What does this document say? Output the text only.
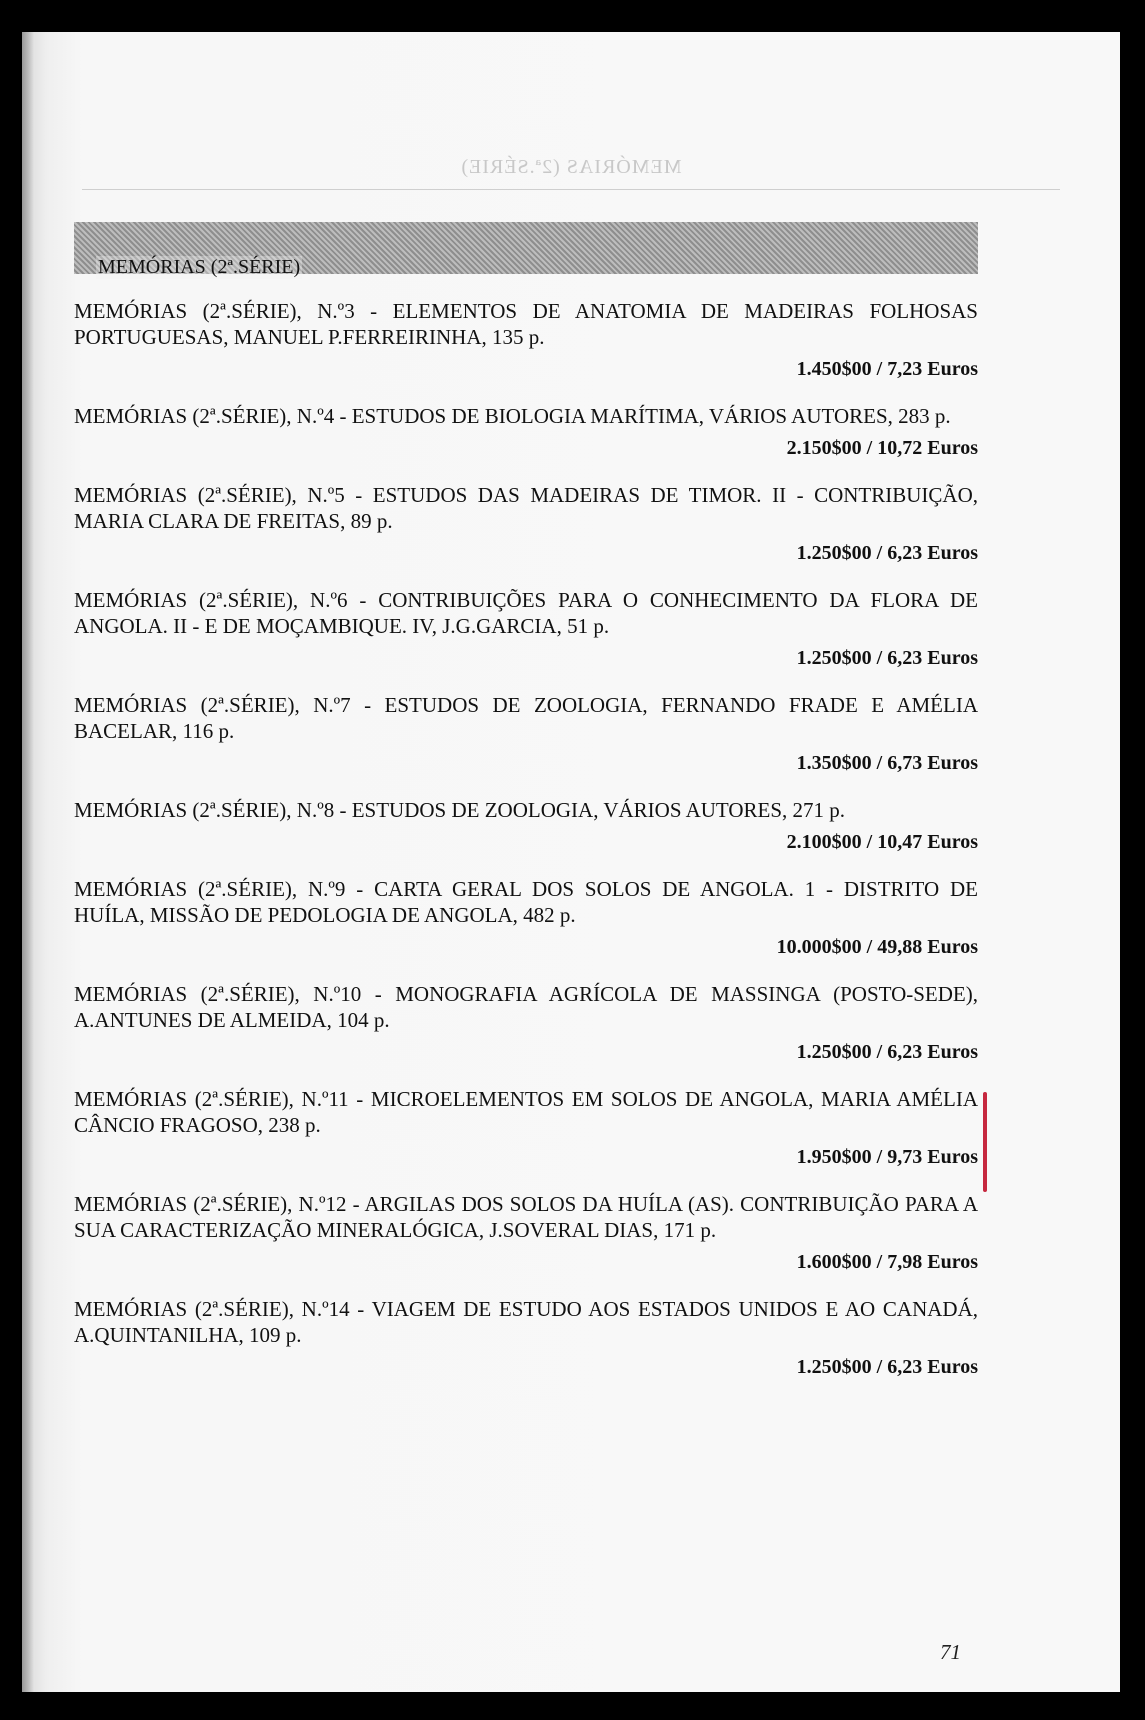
MEMÓRIAS (2ª.SÉRIE)
MEMÓRIAS (2ª.SÉRIE)
MEMÓRIAS (2ª.SÉRIE), N.º3 - ELEMENTOS DE ANATOMIA DE MADEIRAS FOLHOSAS PORTUGUESAS, MANUEL P.FERREIRINHA, 135 p.
1.450$00 / 7,23 Euros
MEMÓRIAS (2ª.SÉRIE), N.º4 - ESTUDOS DE BIOLOGIA MARÍTIMA, VÁRIOS AUTORES, 283 p.
2.150$00 / 10,72 Euros
MEMÓRIAS (2ª.SÉRIE), N.º5 - ESTUDOS DAS MADEIRAS DE TIMOR. II - CONTRIBUIÇÃO, MARIA CLARA DE FREITAS, 89 p.
1.250$00 / 6,23 Euros
MEMÓRIAS (2ª.SÉRIE), N.º6 - CONTRIBUIÇÕES PARA O CONHECIMENTO DA FLORA DE ANGOLA. II - E DE MOÇAMBIQUE. IV, J.G.GARCIA, 51 p.
1.250$00 / 6,23 Euros
MEMÓRIAS (2ª.SÉRIE), N.º7 - ESTUDOS DE ZOOLOGIA, FERNANDO FRADE E AMÉLIA BACELAR, 116 p.
1.350$00 / 6,73 Euros
MEMÓRIAS (2ª.SÉRIE), N.º8 - ESTUDOS DE ZOOLOGIA, VÁRIOS AUTORES, 271 p.
2.100$00 / 10,47 Euros
MEMÓRIAS (2ª.SÉRIE), N.º9 - CARTA GERAL DOS SOLOS DE ANGOLA. 1 - DISTRITO DE HUÍLA, MISSÃO DE PEDOLOGIA DE ANGOLA, 482 p.
10.000$00 / 49,88 Euros
MEMÓRIAS (2ª.SÉRIE), N.º10 - MONOGRAFIA AGRÍCOLA DE MASSINGA (POSTO-SEDE), A.ANTUNES DE ALMEIDA, 104 p.
1.250$00 / 6,23 Euros
MEMÓRIAS (2ª.SÉRIE), N.º11 - MICROELEMENTOS EM SOLOS DE ANGOLA, MARIA AMÉLIA CÂNCIO FRAGOSO, 238 p.
1.950$00 / 9,73 Euros
MEMÓRIAS (2ª.SÉRIE), N.º12 - ARGILAS DOS SOLOS DA HUÍLA (AS). CONTRIBUIÇÃO PARA A SUA CARACTERIZAÇÃO MINERALÓGICA, J.SOVERAL DIAS, 171 p.
1.600$00 / 7,98 Euros
MEMÓRIAS (2ª.SÉRIE), N.º14 - VIAGEM DE ESTUDO AOS ESTADOS UNIDOS E AO CANADÁ, A.QUINTANILHA, 109 p.
1.250$00 / 6,23 Euros
71
